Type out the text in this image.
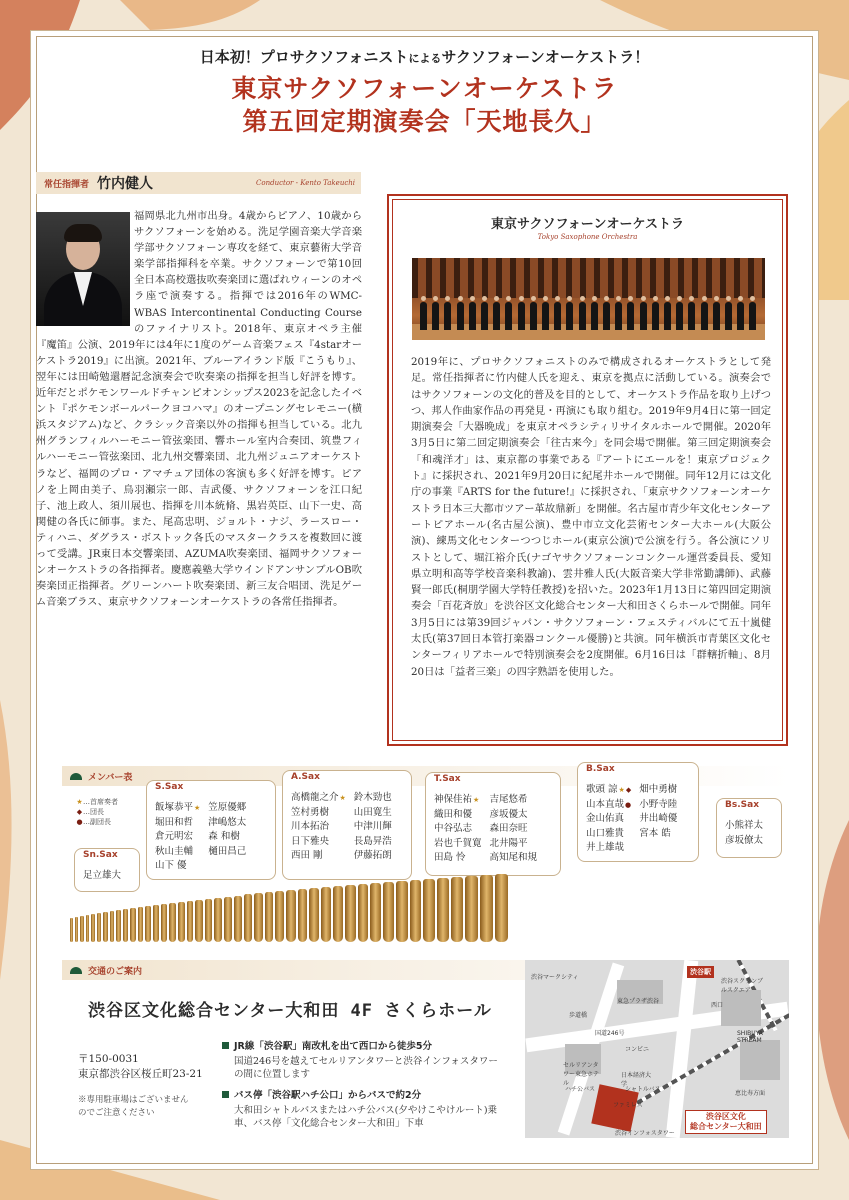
日本初！プロサクソフォニストによるサクソフォーンオーケストラ！
東京サクソフォーンオーケストラ
第五回定期演奏会「天地長久」
常任指揮者 竹内健人	Conductor - Kento Takeuchi
福岡県北九州市出身。4歳からピアノ、10歳からサクソフォーンを始める。洗足学園音楽大学音楽学部サクソフォーン専攻を経て、東京藝術大学音楽学部指揮科を卒業。サクソフォーンで第10回全日本高校選抜吹奏楽団に選ばれウィーンのオペラ座で演奏する。指揮では2016年のWMC-WBAS Intercontinental Conducting Courseのファイナリスト。2018年、東京オペラ主催『魔笛』公演、2019年には4年に1度のゲーム音楽フェス『4starオーケストラ2019』に出演。2021年、ブルーアイランド版『こうもり』、翌年には田崎勉還暦記念演奏会で吹奏楽の指揮を担当し好評を博す。近年だとポケモンワールドチャンピオンシップス2023を記念したイベント『ポケモンボールパークヨコハマ』のオープニングセレモニー(横浜スタジアム)など、クラシック音楽以外の指揮も担当している。北九州グランフィルハーモニー管弦楽団、響ホール室内合奏団、筑豊フィルハーモニー管弦楽団、北九州交響楽団、北九州ジュニアオーケストラなど、福岡のプロ・アマチュア団体の客演も多く好評を博す。ピアノを上岡由美子、鳥羽瀬宗一郎、吉武優、サクソフォーンを江口紀子、池上政人、須川展也、指揮を川本統脩、黒岩英臣、山下一史、高関健の各氏に師事。また、尾高忠明、ジョルト・ナジ、ラースロー・ティハニ、ダグラス・ボストック各氏のマスタークラスを複数回に渡って受講。JR東日本交響楽団、AZUMA吹奏楽団、福岡サクソフォーンオーケストラの各指揮者。慶應義塾大学ウインドアンサンブルOB吹奏楽団正指揮者。グリーンハート吹奏楽団、新三友合唱団、洗足ゲーム音楽ブラス、東京サクソフォーンオーケストラの各常任指揮者。
東京サクソフォーンオーケストラ
Tokyo Saxophone Orchestra
2019年に、プロサクソフォニストのみで構成されるオーケストラとして発足。常任指揮者に竹内健人氏を迎え、東京を拠点に活動している。演奏会ではサクソフォーンの文化的普及を目的として、オーケストラ作品を取り上げつつ、邦人作曲家作品の再発見・再演にも取り組む。2019年9月4日に第一回定期演奏会「大器晩成」を東京オペラシティリサイタルホールで開催。2020年3月5日に第二回定期演奏会「往古来今」を同会場で開催。第三回定期演奏会「和魂洋才」は、東京都の事業である『アートにエールを！東京プロジェクト』に採択され、2021年9月20日に紀尾井ホールで開催。同年12月には文化庁の事業『ARTS for the future!』に採択され、「東京サクソフォーンオーケストラ日本三大都市ツアー革故鼎新」を開催。名古屋市青少年文化センターアートピアホール(名古屋公演)、豊中市立文化芸術センター大ホール(大阪公演)、練馬文化センターつつじホール(東京公演)で公演を行う。各公演にソリストとして、堀江裕介氏(ナゴヤサクソフォーンコンクール運営委員長、愛知県立明和高等学校音楽科教諭)、雲井雅人氏(大阪音楽大学非常勤講師)、武藤賢一郎氏(桐朋学園大学特任教授)を招いた。2023年1月13日に第四回定期演奏会「百花斉放」を渋谷区文化総合センター大和田さくらホールで開催。同年3月5日には第39回ジャパン・サクソフォーン・フェスティバルにて五十嵐健太氏(第37回日本管打楽器コンクール優勝)と共演。同年横浜市青葉区文化センターフィリアホールで特別演奏会を2度開催。6月16日は「群轄折軸」、8月20日は「益者三楽」の四字熟語を使用した。
メンバー表
★…首席奏者
◆…団長
●…副団長
Sn.Sax
足立雄大
S.Sax
飯塚恭平★
堀田和哲
倉元明宏
秋山圭輔
山下 優
笠原優郷
津嶋悠太
森 和樹
樋田昌己
A.Sax
高橋龍之介★
笠村勇樹
川本拓治
日下雅央
西田 剛
鈴木勁也
山田寛生
中津川輝
長島昇浩
伊藤拓朗
T.Sax
神保佳祐★
織田和優
中谷弘志
岩也千賀寛
田島 怜
吉尾悠希
彦坂優太
森田奈旺
北井陽平
高知尾和規
B.Sax
歌頭 諒★◆
山本直哉●
金山佑真
山口雅貴
井上雄哉
畑中勇樹
小野寺陸
井出崎優
宮本 皓
Bs.Sax
小熊祥太
彦坂僚太
交通のご案内
渋谷区文化総合センター大和田 4F さくらホール
〒150-0031
東京都渋谷区桜丘町23-21
※専用駐車場はございません
のでご注意ください
JR線「渋谷駅」南改札を出て西口から徒歩5分
国道246号を越えてセルリアンタワーと渋谷インフォスタワーの間に位置します
バス停「渋谷駅ハチ公口」からバスで約2分
大和田シャトルバスまたはハチ公バス(夕やけこやけルート)乗車、バス停「文化総合センター大和田」下車
渋谷駅
渋谷マークシティ
東急プラザ渋谷
歩道橋
国道246号
コンビニ
セルリアンタワー東急ホテル
日本経済大学
ハチ公バス	シャトルバス
ファミレス
渋谷インフォスタワー
SHIBUYA STREAM
渋谷スクランブルスクエア
西口
恵比寿方面
渋谷区文化
総合センター大和田
